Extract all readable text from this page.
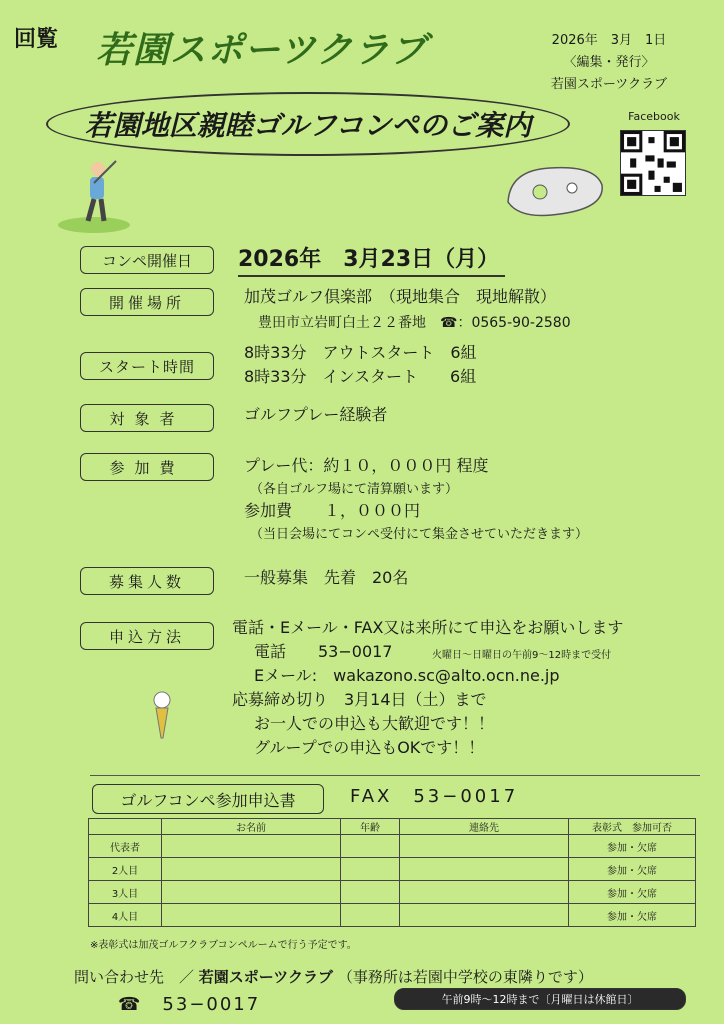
回覧 若園スポーツクラブ	2026年　3月　1日
〈編集・発行〉
若園スポーツクラブ
Facebook
若園地区親睦ゴルフコンペのご案内
コンペ開催日	2026年　3月23日（月）
開催場所	加茂ゴルフ倶楽部　（現地集合　現地解散）
豊田市立岩町白土２２番地　☎：0565-90-2580
スタート時間
8時33分　アウトスタート　6組
8時33分　インスタート　　6組
対象者	ゴルフプレー経験者
参加費	プレー代：約１０，０００円 程度
（各自ゴルフ場にて清算願います）
参加費　　１，０００円
（当日会場にてコンペ受付にて集金させていただきます）
募集人数	一般募集　先着　20名
申込方法	電話・Eメール・FAX又は来所にて申込をお願いします
電話　　53−0017	火曜日～日曜日の午前9～12時まで受付
Eメール:　wakazono.sc@alto.ocn.ne.jp
応募締め切り　3月14日（土）まで
お一人での申込も大歓迎です！！
グループでの申込もOKです！！
ゴルフコンペ参加申込書	FAX　53−0017
	お名前	年齢	連絡先	表彰式　参加可否
代表者				参加・欠席
2人目				参加・欠席
3人目				参加・欠席
4人目				参加・欠席
※表彰式は加茂ゴルフクラブコンペルームで行う予定です。
問い合わせ先　／ 若園スポーツクラブ （事務所は若園中学校の東隣りです）
☎　53−0017	午前9時～12時まで〔月曜日は休館日〕
